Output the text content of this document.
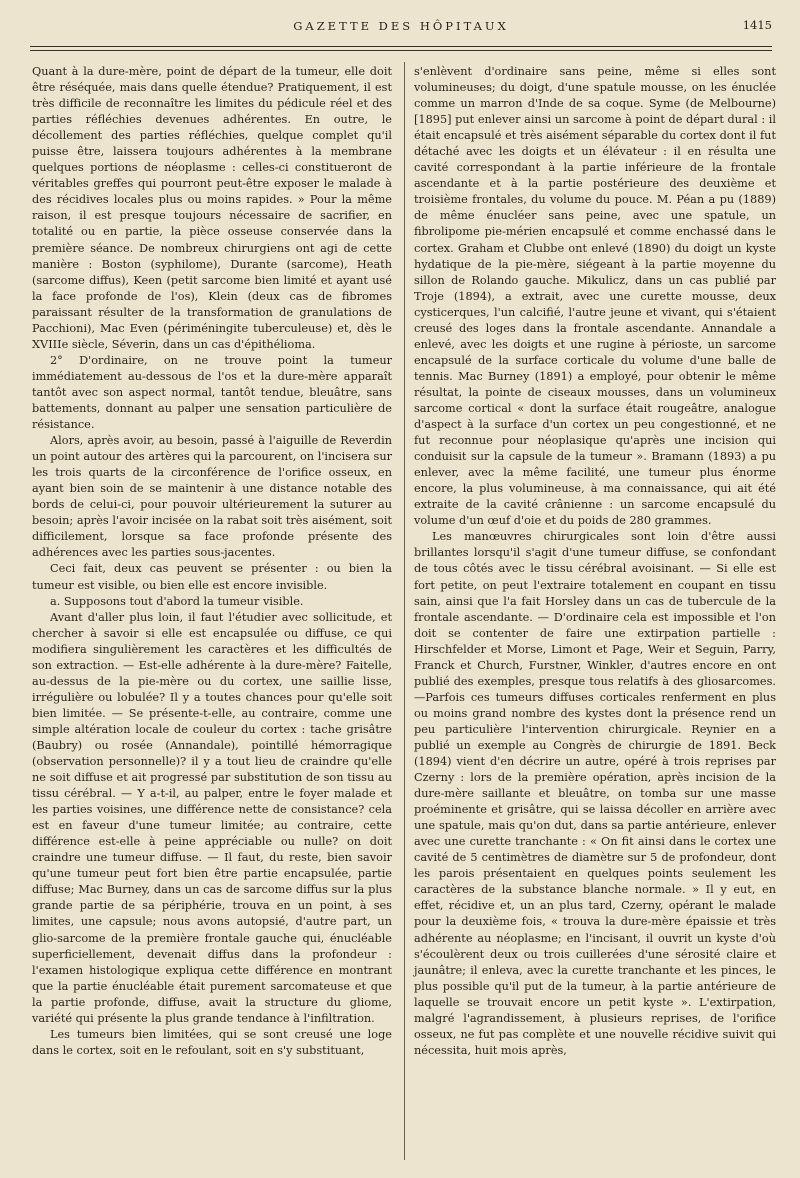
GAZETTE DES HÔPITAUX	1415

Quant à la dure-mère, point de départ de la tumeur, elle doit être réséquée, mais dans quelle étendue? Pratiquement, il est très difficile de reconnaître les limites du pédicule réel et des parties réfléchies devenues adhérentes. En outre, le décollement des parties réfléchies, quelque complet qu'il puisse être, laissera toujours adhérentes à la membrane quelques portions de néoplasme : celles-ci constitueront de véritables greffes qui pourront peut-être exposer le malade à des récidives locales plus ou moins rapides. » Pour la même raison, il est presque toujours nécessaire de sacrifier, en totalité ou en partie, la pièce osseuse conservée dans la première séance. De nombreux chirurgiens ont agi de cette manière : Boston (syphilome), Durante (sarcome), Heath (sarcome diffus), Keen (petit sarcome bien limité et ayant usé la face profonde de l'os), Klein (deux cas de fibromes paraissant résulter de la transformation de granulations de Pacchioni), Mac Even (périméningite tuberculeuse) et, dès le XVIIIe siècle, Séverin, dans un cas d'épithélioma.

2° D'ordinaire, on ne trouve point la tumeur immédiatement au-dessous de l'os et la dure-mère apparaît tantôt avec son aspect normal, tantôt tendue, bleuâtre, sans battements, donnant au palper une sensation particulière de résistance.

Alors, après avoir, au besoin, passé à l'aiguille de Reverdin un point autour des artères qui la parcourent, on l'incisera sur les trois quarts de la circonférence de l'orifice osseux, en ayant bien soin de se maintenir à une distance notable des bords de celui-ci, pour pouvoir ultérieurement la suturer au besoin; après l'avoir incisée on la rabat soit très aisément, soit difficilement, lorsque sa face profonde présente des adhérences avec les parties sous-jacentes.

Ceci fait, deux cas peuvent se présenter : ou bien la tumeur est visible, ou bien elle est encore invisible.

a. Supposons tout d'abord la tumeur visible.

Avant d'aller plus loin, il faut l'étudier avec sollicitude, et chercher à savoir si elle est encapsulée ou diffuse, ce qui modifiera singulièrement les caractères et les difficultés de son extraction. — Est-elle adhérente à la dure-mère? Faitelle, au-dessus de la pie-mère ou du cortex, une saillie lisse, irrégulière ou lobulée? Il y a toutes chances pour qu'elle soit bien limitée. — Se présente-t-elle, au contraire, comme une simple altération locale de couleur du cortex : tache grisâtre (Baubry) ou rosée (Annandale), pointillé hémorragique (observation personnelle)? il y a tout lieu de craindre qu'elle ne soit diffuse et ait progressé par substitution de son tissu au tissu cérébral. — Y a-t-il, au palper, entre le foyer malade et les parties voisines, une différence nette de consistance? cela est en faveur d'une tumeur limitée; au contraire, cette différence est-elle à peine appréciable ou nulle? on doit craindre une tumeur diffuse. — Il faut, du reste, bien savoir qu'une tumeur peut fort bien être partie encapsulée, partie diffuse; Mac Burney, dans un cas de sarcome diffus sur la plus grande partie de sa périphérie, trouva en un point, à ses limites, une capsule; nous avons autopsié, d'autre part, un glio-sarcome de la première frontale gauche qui, énucléable superficiellement, devenait diffus dans la profondeur : l'examen histologique expliqua cette différence en montrant que la partie énucléable était purement sarcomateuse et que la partie profonde, diffuse, avait la structure du gliome, variété qui présente la plus grande tendance à l'infiltration.

Les tumeurs bien limitées, qui se sont creusé une loge dans le cortex, soit en le refoulant, soit en s'y substituant,

s'enlèvent d'ordinaire sans peine, même si elles sont volumineuses; du doigt, d'une spatule mousse, on les énuclée comme un marron d'Inde de sa coque. Syme (de Melbourne) [1895] put enlever ainsi un sarcome à point de départ dural : il était encapsulé et très aisément séparable du cortex dont il fut détaché avec les doigts et un élévateur : il en résulta une cavité correspondant à la partie inférieure de la frontale ascendante et à la partie postérieure des deuxième et troisième frontales, du volume du pouce. M. Péan a pu (1889) de même énucléer sans peine, avec une spatule, un fibrolipome pie-mérien encapsulé et comme enchassé dans le cortex. Graham et Clubbe ont enlevé (1890) du doigt un kyste hydatique de la pie-mère, siégeant à la partie moyenne du sillon de Rolando gauche. Mikulicz, dans un cas publié par Troje (1894), a extrait, avec une curette mousse, deux cysticerques, l'un calcifié, l'autre jeune et vivant, qui s'étaient creusé des loges dans la frontale ascendante. Annandale a enlevé, avec les doigts et une rugine à périoste, un sarcome encapsulé de la surface corticale du volume d'une balle de tennis. Mac Burney (1891) a employé, pour obtenir le même résultat, la pointe de ciseaux mousses, dans un volumineux sarcome cortical « dont la surface était rougeâtre, analogue d'aspect à la surface d'un cortex un peu congestionné, et ne fut reconnue pour néoplasique qu'après une incision qui conduisit sur la capsule de la tumeur ». Bramann (1893) a pu enlever, avec la même facilité, une tumeur plus énorme encore, la plus volumineuse, à ma connaissance, qui ait été extraite de la cavité crânienne : un sarcome encapsulé du volume d'un œuf d'oie et du poids de 280 grammes.

Les manœuvres chirurgicales sont loin d'être aussi brillantes lorsqu'il s'agit d'une tumeur diffuse, se confondant de tous côtés avec le tissu cérébral avoisinant. — Si elle est fort petite, on peut l'extraire totalement en coupant en tissu sain, ainsi que l'a fait Horsley dans un cas de tubercule de la frontale ascendante. — D'ordinaire cela est impossible et l'on doit se contenter de faire une extirpation partielle : Hirschfelder et Morse, Limont et Page, Weir et Seguin, Parry, Franck et Church, Furstner, Winkler, d'autres encore en ont publié des exemples, presque tous relatifs à des gliosarcomes.—Parfois ces tumeurs diffuses corticales renferment en plus ou moins grand nombre des kystes dont la présence rend un peu particulière l'intervention chirurgicale. Reynier en a publié un exemple au Congrès de chirurgie de 1891. Beck (1894) vient d'en décrire un autre, opéré à trois reprises par Czerny : lors de la première opération, après incision de la dure-mère saillante et bleuâtre, on tomba sur une masse proéminente et grisâtre, qui se laissa décoller en arrière avec une spatule, mais qu'on dut, dans sa partie antérieure, enlever avec une curette tranchante : « On fit ainsi dans le cortex une cavité de 5 centimètres de diamètre sur 5 de profondeur, dont les parois présentaient en quelques points seulement les caractères de la substance blanche normale. » Il y eut, en effet, récidive et, un an plus tard, Czerny, opérant le malade pour la deuxième fois, « trouva la dure-mère épaissie et très adhérente au néoplasme; en l'incisant, il ouvrit un kyste d'où s'écoulèrent deux ou trois cuillerées d'une sérosité claire et jaunâtre; il enleva, avec la curette tranchante et les pinces, le plus possible qu'il put de la tumeur, à la partie antérieure de laquelle se trouvait encore un petit kyste ». L'extirpation, malgré l'agrandissement, à plusieurs reprises, de l'orifice osseux, ne fut pas complète et une nouvelle récidive suivit qui nécessita, huit mois après,
